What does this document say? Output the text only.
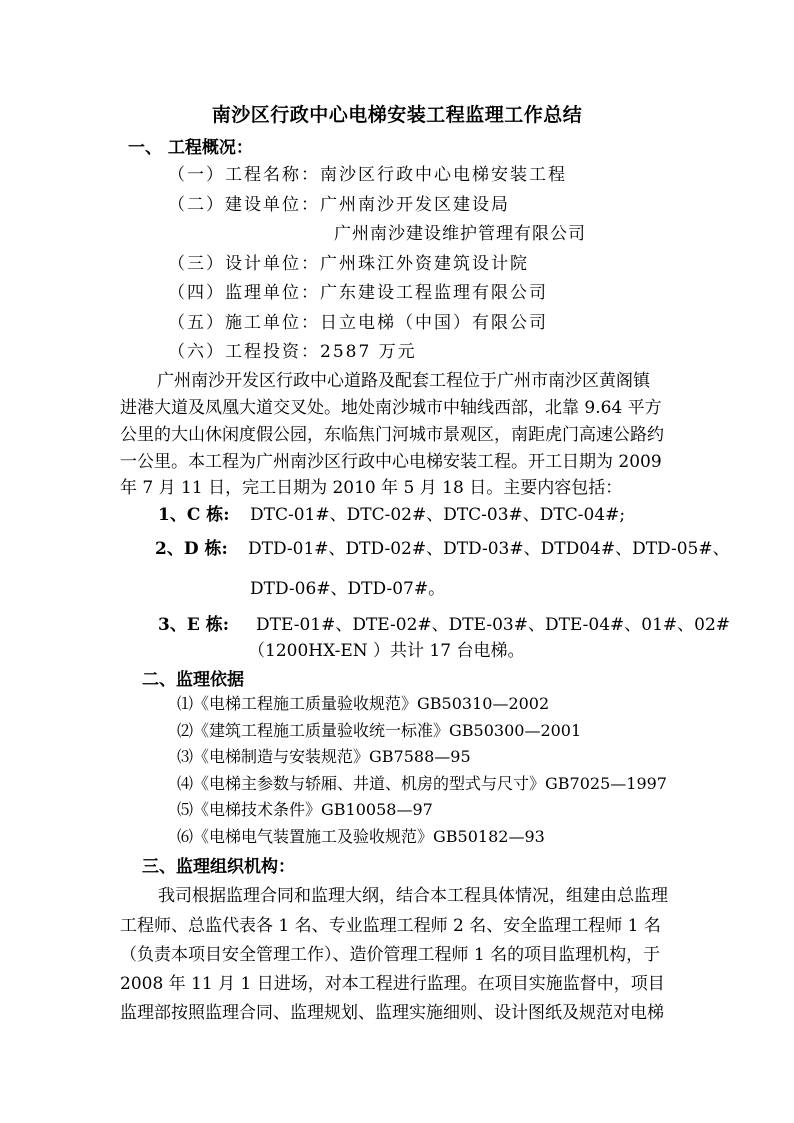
南沙区行政中心电梯安装工程监理工作总结
一、 工程概况：
（一）工程名称：南沙区行政中心电梯安装工程
（二）建设单位：广州南沙开发区建设局
广州南沙建设维护管理有限公司
（三）设计单位：广州珠江外资建筑设计院
（四）监理单位：广东建设工程监理有限公司
（五）施工单位：日立电梯（中国）有限公司
（六）工程投资：2587 万元
广州南沙开发区行政中心道路及配套工程位于广州市南沙区黄阁镇
进港大道及凤凰大道交叉处。地处南沙城市中轴线西部，北靠 9.64 平方
公里的大山休闲度假公园，东临焦门河城市景观区，南距虎门高速公路约
一公里。本工程为广州南沙区行政中心电梯安装工程。开工日期为 2009
年 7 月 11 日，完工日期为 2010 年 5 月 18 日。主要内容包括：
1、C 栋: DTC-01#、DTC-02#、DTC-03#、DTC-04#;
2、D 栋: DTD-01#、DTD-02#、DTD-03#、DTD04#、DTD-05#、
DTD-06#、DTD-07#。
3、E 栋: DTE-01#、DTE-02#、DTE-03#、DTE-04#、01#、02#
（1200HX-EN ）共计 17 台电梯。
二、监理依据
⑴《电梯工程施工质量验收规范》GB50310—2002
⑵《建筑工程施工质量验收统一标准》GB50300—2001
⑶《电梯制造与安装规范》GB7588—95
⑷《电梯主参数与轿厢、井道、机房的型式与尺寸》GB7025—1997
⑸《电梯技术条件》GB10058—97
⑹《电梯电气装置施工及验收规范》GB50182—93
三、监理组织机构：
我司根据监理合同和监理大纲，结合本工程具体情况，组建由总监理
工程师、总监代表各 1 名、专业监理工程师 2 名、安全监理工程师 1 名
（负责本项目安全管理工作）、造价管理工程师 1 名的项目监理机构，于
2008 年 11 月 1 日进场，对本工程进行监理。在项目实施监督中，项目
监理部按照监理合同、监理规划、监理实施细则、设计图纸及规范对电梯
